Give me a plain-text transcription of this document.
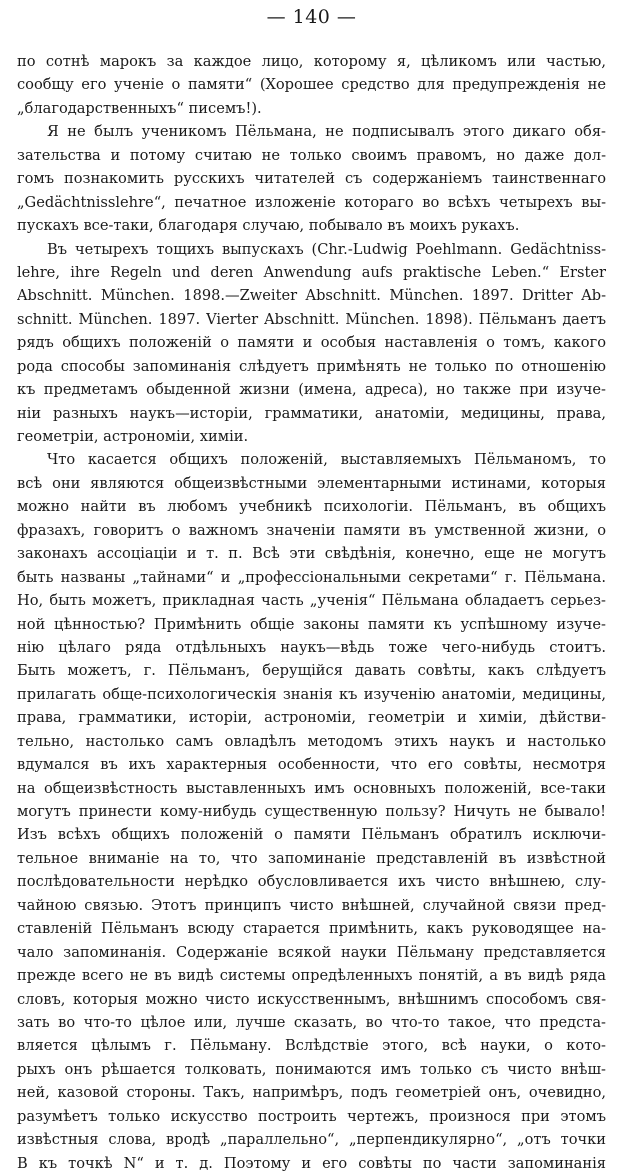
— 140 —
по сотнѣ марокъ за каждое лицо, которому я, цѣликомъ или частью,
сообщу его ученіе о памяти“ (Хорошее средство для предупрежденія не
„благодарственныхъ“ писемъ!).
Я не былъ ученикомъ Пёльмана, не подписывалъ этого дикаго обя-
зательства и потому считаю не только своимъ правомъ, но даже дол-
гомъ познакомить русскихъ читателей съ содержаніемъ таинственнаго
„Gedächtnisslehre“, печатное изложеніе котораго во всѣхъ четырехъ вы-
пускахъ все-таки, благодаря случаю, побывало въ моихъ рукахъ.
Въ четырехъ тощихъ выпускахъ (Chr.-Ludwig Poehlmann. Gedächtniss-
lehre, ihre Regeln und deren Anwendung aufs praktische Leben.“ Erster
Abschnitt. München. 1898.—Zweiter Abschnitt. München. 1897. Dritter Ab-
schnitt. München. 1897. Vierter Abschnitt. München. 1898). Пёльманъ даетъ
рядъ общихъ положеній о памяти и особыя наставленія о томъ, какого
рода способы запоминанія слѣдуетъ примѣнять не только по отношенію
къ предметамъ обыденной жизни (имена, адреса), но также при изуче-
ніи разныхъ наукъ—исторіи, грамматики, анатоміи, медицины, права,
геометріи, астрономіи, химіи.
Что касается общихъ положеній, выставляемыхъ Пёльманомъ, то
всѣ они являются общеизвѣстными элементарными истинами, которыя
можно найти въ любомъ учебникѣ психологіи. Пёльманъ, въ общихъ
фразахъ, говоритъ о важномъ значеніи памяти въ умственной жизни, о
законахъ ассоціаціи и т. п. Всѣ эти свѣдѣнія, конечно, еще не могутъ
быть названы „тайнами“ и „профессіональными секретами“ г. Пёльмана.
Но, быть можетъ, прикладная часть „ученія“ Пёльмана обладаетъ серьез-
ной цѣнностью? Примѣнить общіе законы памяти къ успѣшному изуче-
нію цѣлаго ряда отдѣльныхъ наукъ—вѣдь тоже чего-нибудь стоитъ.
Быть можетъ, г. Пёльманъ, берущійся давать совѣты, какъ слѣдуетъ
прилагать обще-психологическія знанія къ изученію анатоміи, медицины,
права, грамматики, исторіи, астрономіи, геометріи и химіи, дѣйстви-
тельно, настолько самъ овладѣлъ методомъ этихъ наукъ и настолько
вдумался въ ихъ характерныя особенности, что его совѣты, несмотря
на общеизвѣстность выставленныхъ имъ основныхъ положеній, все-таки
могутъ принести кому-нибудь существенную пользу? Ничуть не бывало!
Изъ всѣхъ общихъ положеній о памяти Пёльманъ обратилъ исключи-
тельное вниманіе на то, что запоминаніе представленій въ извѣстной
послѣдовательности нерѣдко обусловливается ихъ чисто внѣшнею, слу-
чайною связью. Этотъ принципъ чисто внѣшней, случайной связи пред-
ставленій Пёльманъ всюду старается примѣнить, какъ руководящее на-
чало запоминанія. Содержаніе всякой науки Пёльману представляется
прежде всего не въ видѣ системы опредѣленныхъ понятій, а въ видѣ ряда
словъ, которыя можно чисто искусственнымъ, внѣшнимъ способомъ свя-
зать во что-то цѣлое или, лучше сказать, во что-то такое, что предста-
вляется цѣлымъ г. Пёльману. Вслѣдствіе этого, всѣ науки, о кото-
рыхъ онъ рѣшается толковать, понимаются имъ только съ чисто внѣш-
ней, казовой стороны. Такъ, напримѣръ, подъ геометріей онъ, очевидно,
разумѣетъ только искусство построить чертежъ, произнося при этомъ
извѣстныя слова, вродѣ „параллельно“, „перпендикулярно“, „отъ точки
В къ точкѣ N“ и т. д. Поэтому и его совѣты по части запоминанія
